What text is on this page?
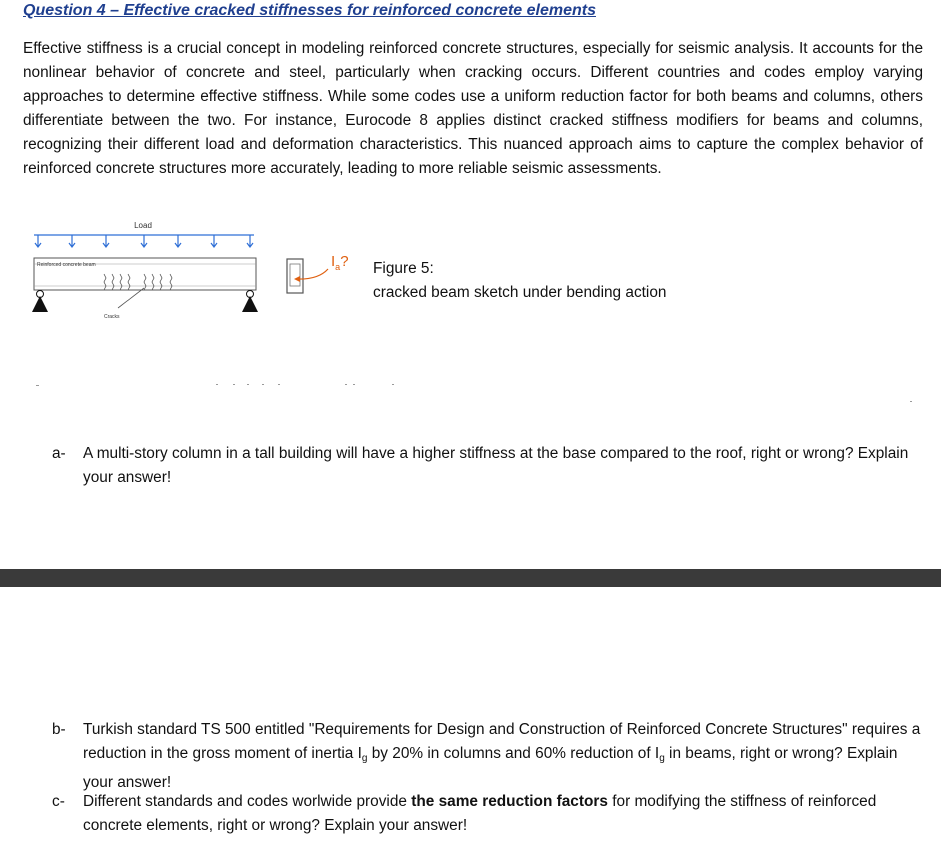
Question 4 – Effective cracked stiffnesses for reinforced concrete elements

Effective stiffness is a crucial concept in modeling reinforced concrete structures, especially for seismic analysis. It accounts for the nonlinear behavior of concrete and steel, particularly when cracking occurs. Different countries and codes employ varying approaches to determine effective stiffness. While some codes use a uniform reduction factor for both beams and columns, others differentiate between the two. For instance, Eurocode 8 applies distinct cracked stiffness modifiers for beams and columns, recognizing their different load and deformation characteristics. This nuanced approach aims to capture the complex behavior of reinforced concrete structures more accurately, leading to more reliable seismic assessments.

Load
Reinforced concrete beam
Cracks
$I_a$? Figure 5:
cracked beam sketch under bending action
a-	A multi-story column in a tall building will have a higher stiffness at the base compared to the roof, right or wrong? Explain your answer!
b-	Turkish standard TS 500 entitled "Requirements for Design and Construction of Reinforced Concrete Structures" requires a reduction in the gross moment of inertia $I_g$ by 20% in columns and 60% reduction of $I_g$ in beams, right or wrong? Explain your answer!
c-	Different standards and codes worlwide provide the same reduction factors for modifying the stiffness of reinforced concrete elements, right or wrong? Explain your answer!
